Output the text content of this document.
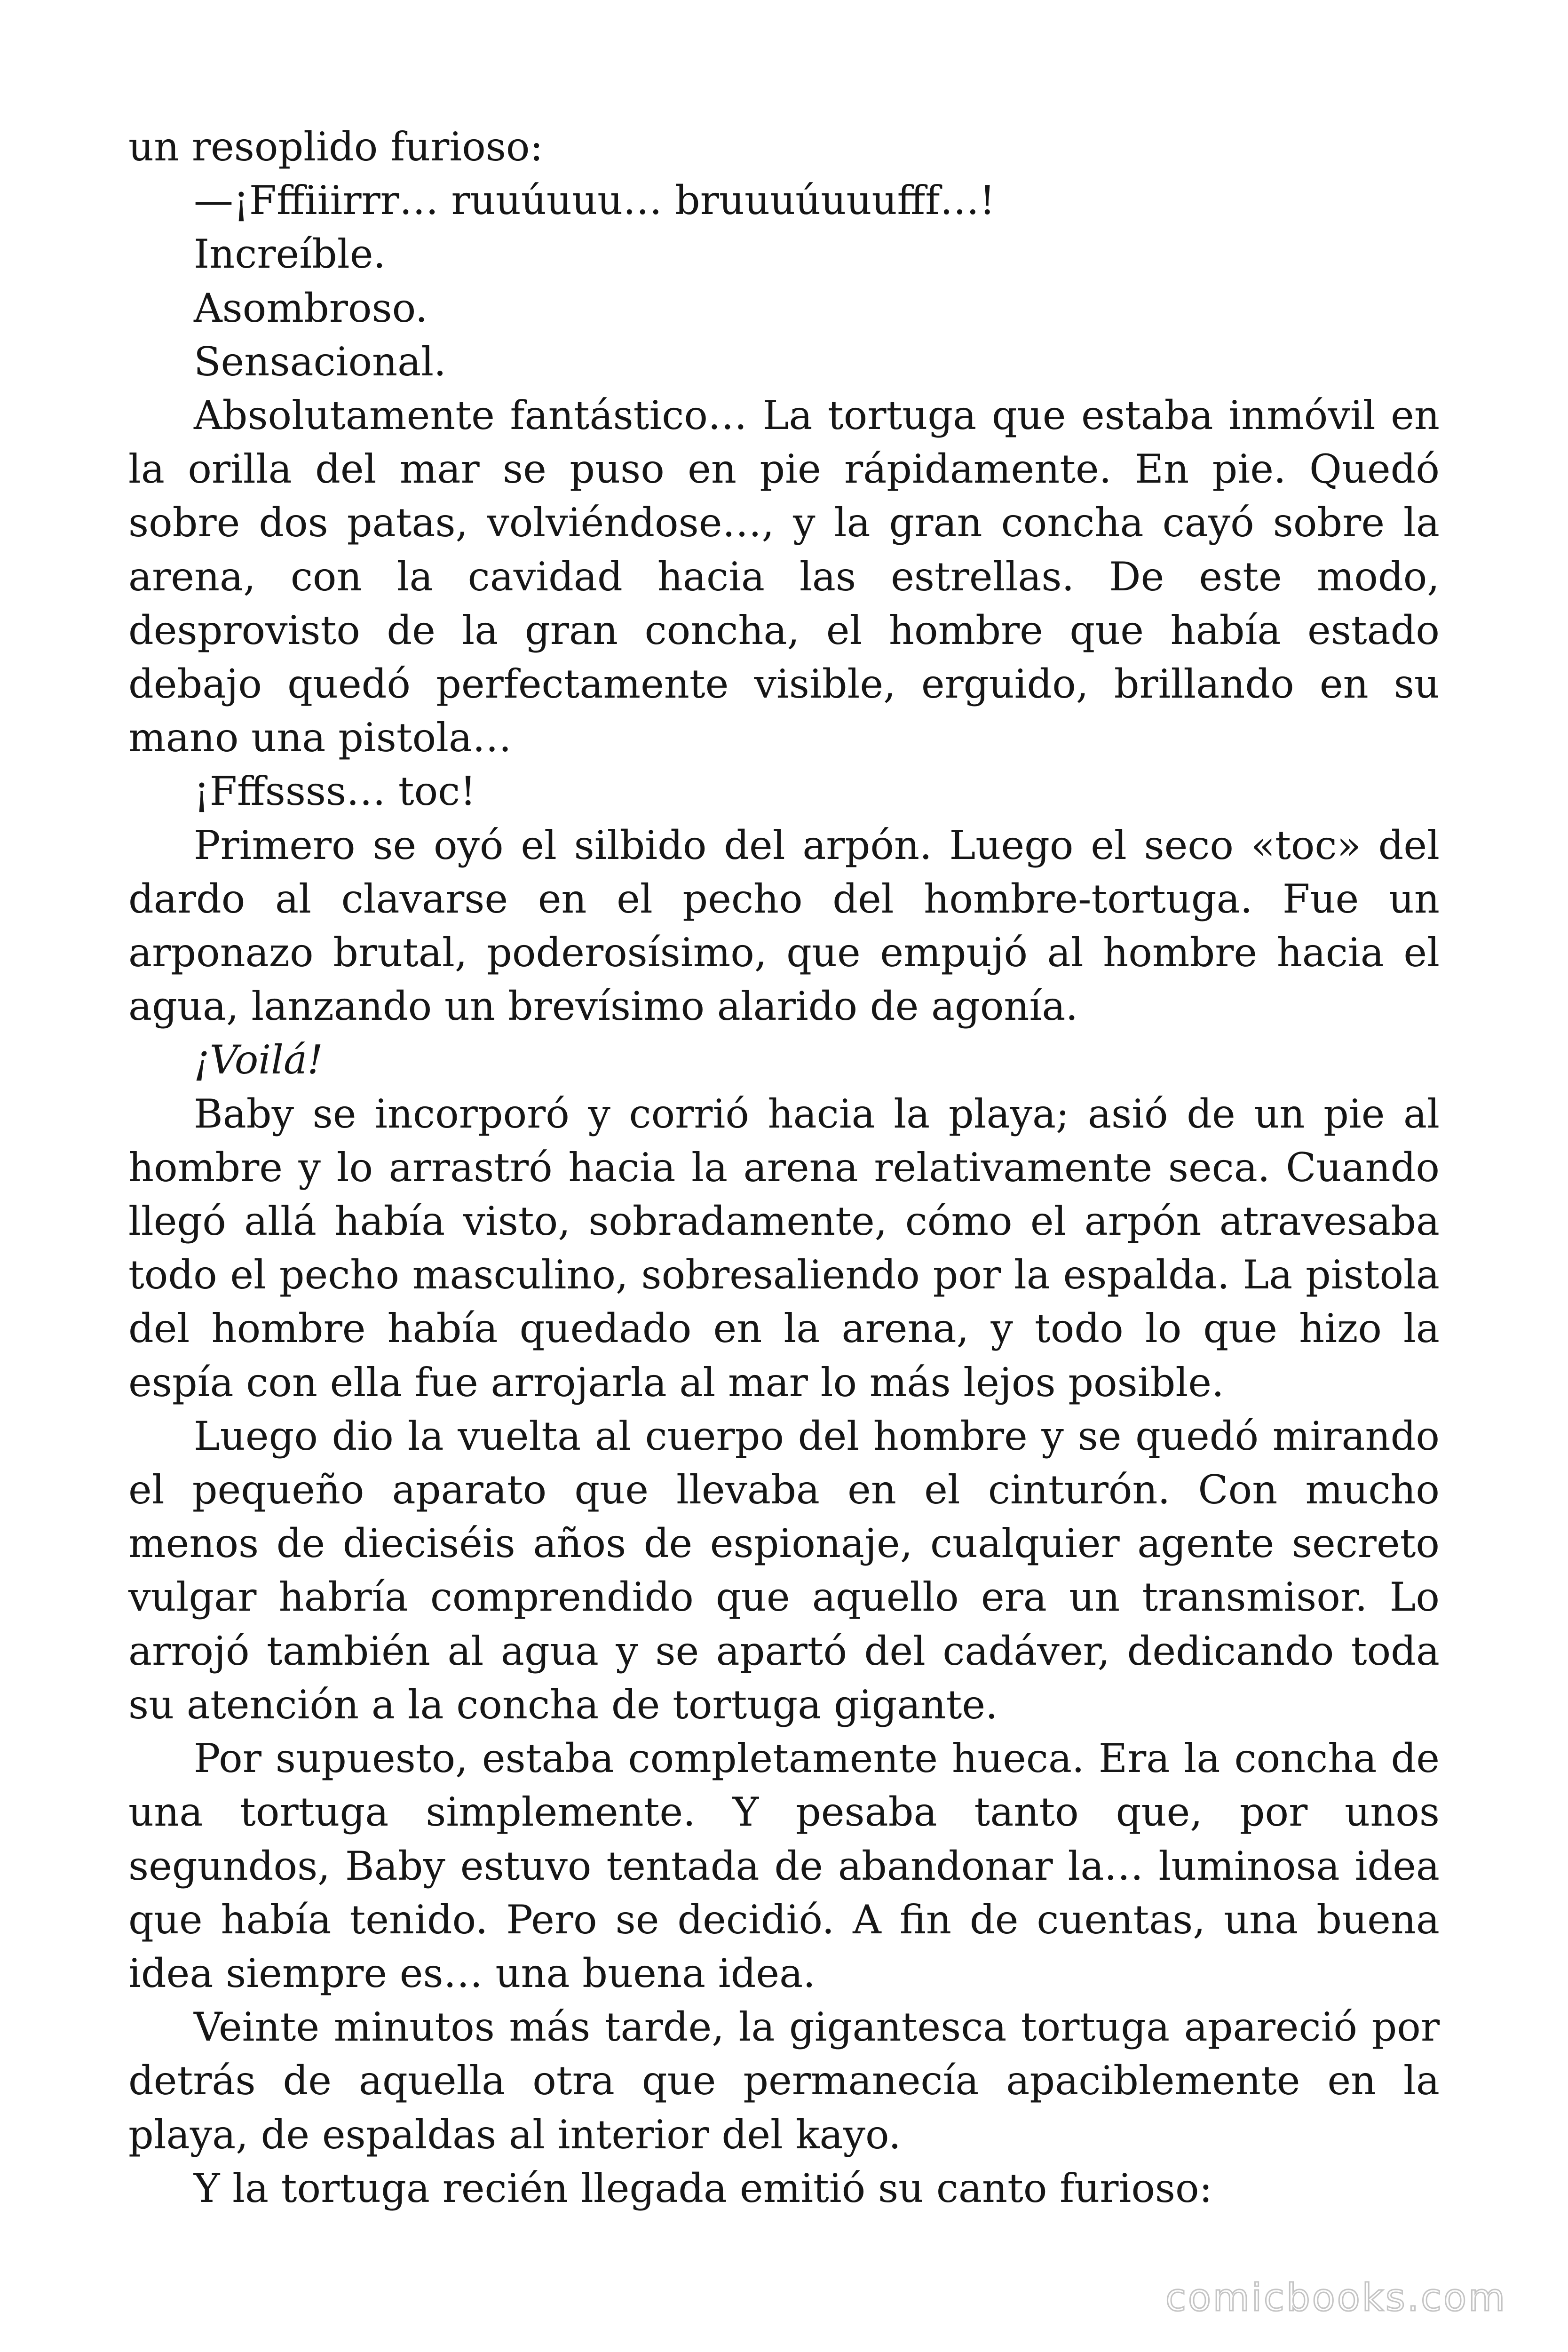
un resoplido furioso:

—¡Fffiiirrr… ruuúuuu… bruuuúuuufff…!

Increíble.

Asombroso.

Sensacional.

Absolutamente fantástico… La tortuga que estaba inmóvil en la orilla del mar se puso en pie rápidamente. En pie. Quedó sobre dos patas, volviéndose…, y la gran concha cayó sobre la arena, con la cavidad hacia las estrellas. De este modo, desprovisto de la gran concha, el hombre que había estado debajo quedó perfectamente visible, erguido, brillando en su mano una pistola…

¡Fffssss… toc!

Primero se oyó el silbido del arpón. Luego el seco «toc» del dardo al clavarse en el pecho del hombre-tortuga. Fue un arponazo brutal, poderosísimo, que empujó al hombre hacia el agua, lanzando un brevísimo alarido de agonía.

¡Voilá!

Baby se incorporó y corrió hacia la playa; asió de un pie al hombre y lo arrastró hacia la arena relativamente seca. Cuando llegó allá había visto, sobradamente, cómo el arpón atravesaba todo el pecho masculino, sobresaliendo por la espalda. La pistola del hombre había quedado en la arena, y todo lo que hizo la espía con ella fue arrojarla al mar lo más lejos posible.

Luego dio la vuelta al cuerpo del hombre y se quedó mirando el pequeño aparato que llevaba en el cinturón. Con mucho menos de dieciséis años de espionaje, cualquier agente secreto vulgar habría comprendido que aquello era un transmisor. Lo arrojó también al agua y se apartó del cadáver, dedicando toda su atención a la concha de tortuga gigante.

Por supuesto, estaba completamente hueca. Era la concha de una tortuga simplemente. Y pesaba tanto que, por unos segundos, Baby estuvo tentada de abandonar la… luminosa idea que había tenido. Pero se decidió. A fin de cuentas, una buena idea siempre es… una buena idea.

Veinte minutos más tarde, la gigantesca tortuga apareció por detrás de aquella otra que permanecía apaciblemente en la playa, de espaldas al interior del kayo.

Y la tortuga recién llegada emitió su canto furioso:

comicbooks.com
